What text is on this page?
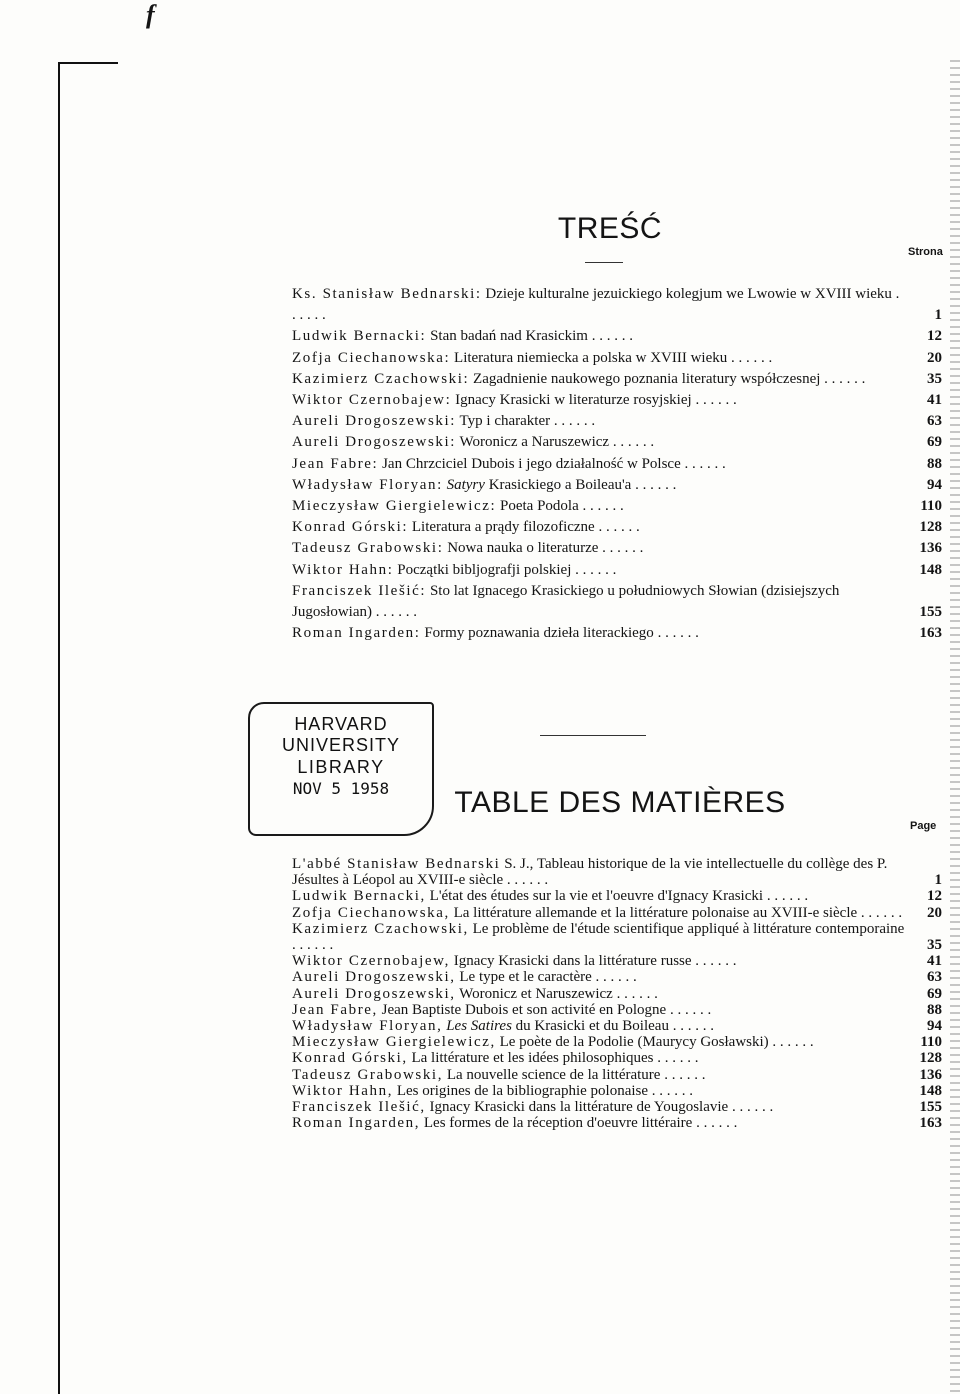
f
TREŚĆ
Strona
Ks. Stanisław Bednarski: Dzieje kulturalne jezuickiego kolegjum we Lwowie w XVIII wieku . . . . . .	1
Ludwik Bernacki: Stan badań nad Krasickim . . . . . .	12
Zofja Ciechanowska: Literatura niemiecka a polska w XVIII wieku . . . . . .	20
Kazimierz Czachowski: Zagadnienie naukowego poznania literatury współczesnej . . . . . .	35
Wiktor Czernobajew: Ignacy Krasicki w literaturze rosyjskiej . . . . . .	41
Aureli Drogoszewski: Typ i charakter . . . . . .	63
Aureli Drogoszewski: Woronicz a Naruszewicz . . . . . .	69
Jean Fabre: Jan Chrzciciel Dubois i jego działalność w Polsce . . . . . .	88
Władysław Floryan: Satyry Krasickiego a Boileau'a . . . . . .	94
Mieczysław Giergielewicz: Poeta Podola . . . . . .	110
Konrad Górski: Literatura a prądy filozoficzne . . . . . .	128
Tadeusz Grabowski: Nowa nauka o literaturze . . . . . .	136
Wiktor Hahn: Początki bibljografji polskiej . . . . . .	148
Franciszek Ilešić: Sto lat Ignacego Krasickiego u południowych Słowian (dzisiejszych Jugosłowian) . . . . . .	155
Roman Ingarden: Formy poznawania dzieła literackiego . . . . . .	163
HARVARD
UNIVERSITY
LIBRARY
NOV 5 1958	TABLE DES MATIÈRES
Page
L'abbé Stanisław Bednarski S. J., Tableau historique de la vie intellectuelle du collège des P. Jésultes à Léopol au XVIII-e siècle . . . . . .	1
Ludwik Bernacki, L'état des études sur la vie et l'oeuvre d'Ignacy Krasicki . . . . . .	12
Zofja Ciechanowska, La littérature allemande et la littérature polonaise au XVIII-e siècle . . . . . .	20
Kazimierz Czachowski, Le problème de l'étude scientifique appliqué à littérature contemporaine . . . . . .	35
Wiktor Czernobajew, Ignacy Krasicki dans la littérature russe . . . . . .	41
Aureli Drogoszewski, Le type et le caractère . . . . . .	63
Aureli Drogoszewski, Woronicz et Naruszewicz . . . . . .	69
Jean Fabre, Jean Baptiste Dubois et son activité en Pologne . . . . . .	88
Władysław Floryan, Les Satires du Krasicki et du Boileau . . . . . .	94
Mieczysław Giergielewicz, Le poète de la Podolie (Maurycy Gosławski) . . . . . .	110
Konrad Górski, La littérature et les idées philosophiques . . . . . .	128
Tadeusz Grabowski, La nouvelle science de la littérature . . . . . .	136
Wiktor Hahn, Les origines de la bibliographie polonaise . . . . . .	148
Franciszek Ilešić, Ignacy Krasicki dans la littérature de Yougoslavie . . . . . .	155
Roman Ingarden, Les formes de la réception d'oeuvre littéraire . . . . . .	163
